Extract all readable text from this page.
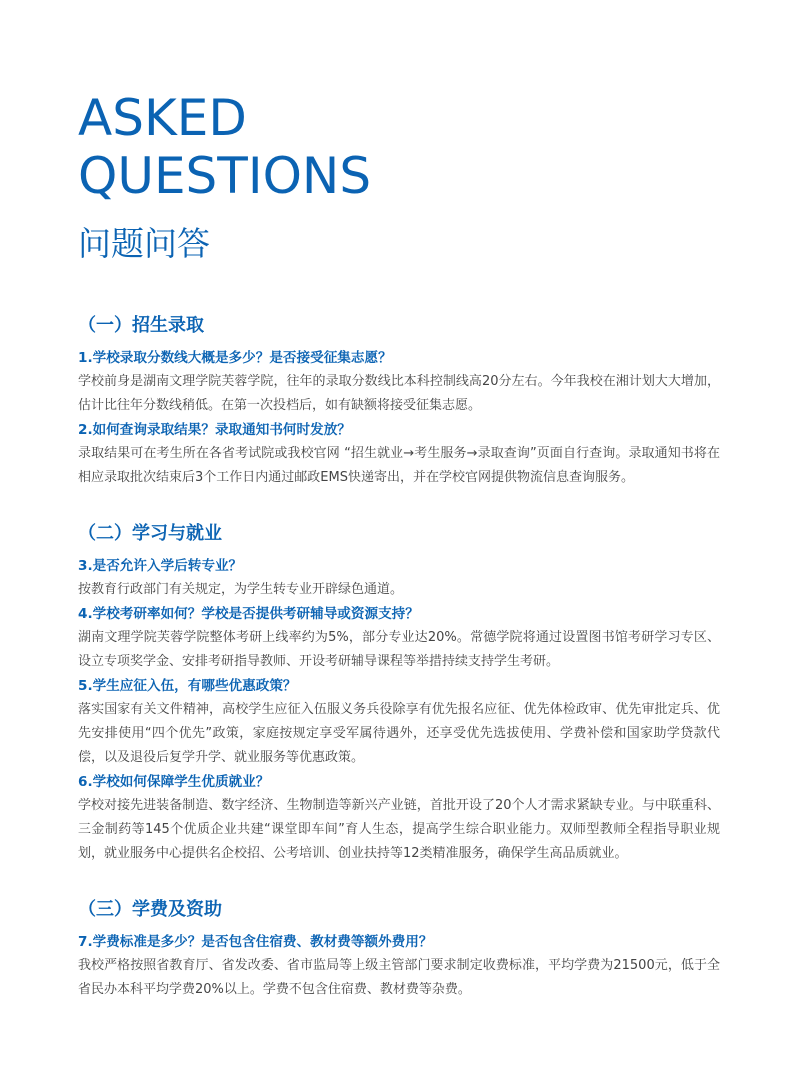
ASKED
QUESTIONS
问题问答
（一）招生录取

1.学校录取分数线大概是多少？是否接受征集志愿？

学校前身是湖南文理学院芙蓉学院，往年的录取分数线比本科控制线高20分左右。今年我校在湘计划大大增加，估计比往年分数线稍低。在第一次投档后，如有缺额将接受征集志愿。

2.如何查询录取结果？录取通知书何时发放？

录取结果可在考生所在各省考试院或我校官网 “招生就业→考生服务→录取查询”页面自行查询。录取通知书将在相应录取批次结束后3个工作日内通过邮政EMS快递寄出，并在学校官网提供物流信息查询服务。

（二）学习与就业

3.是否允许入学后转专业？

按教育行政部门有关规定，为学生转专业开辟绿色通道。

4.学校考研率如何？学校是否提供考研辅导或资源支持？

湖南文理学院芙蓉学院整体考研上线率约为5%，部分专业达20%。常德学院将通过设置图书馆考研学习专区、设立专项奖学金、安排考研指导教师、开设考研辅导课程等举措持续支持学生考研。

5.学生应征入伍，有哪些优惠政策？

落实国家有关文件精神，高校学生应征入伍服义务兵役除享有优先报名应征、优先体检政审、优先审批定兵、优先安排使用“四个优先”政策，家庭按规定享受军属待遇外，还享受优先选拔使用、学费补偿和国家助学贷款代偿，以及退役后复学升学、就业服务等优惠政策。

6.学校如何保障学生优质就业？

学校对接先进装备制造、数字经济、生物制造等新兴产业链，首批开设了20个人才需求紧缺专业。与中联重科、三金制药等145个优质企业共建“课堂即车间”育人生态，提高学生综合职业能力。双师型教师全程指导职业规划，就业服务中心提供名企校招、公考培训、创业扶持等12类精准服务，确保学生高品质就业。

（三）学费及资助

7.学费标准是多少？是否包含住宿费、教材费等额外费用？

我校严格按照省教育厅、省发改委、省市监局等上级主管部门要求制定收费标准，平均学费为21500元，低于全省民办本科平均学费20%以上。学费不包含住宿费、教材费等杂费。
